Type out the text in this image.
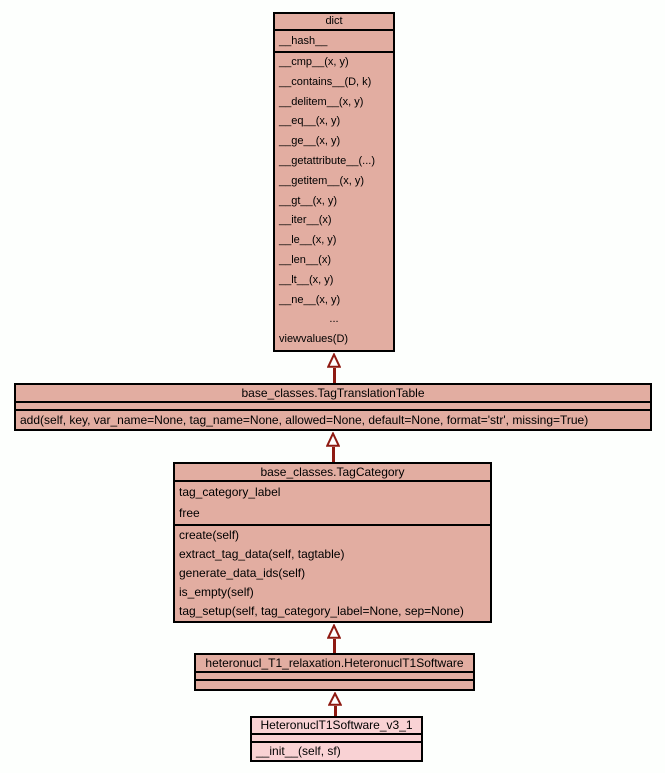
dict
__hash__
__cmp__(x, y)
__contains__(D, k)
__delitem__(x, y)
__eq__(x, y)
__ge__(x, y)
__getattribute__(...)
__getitem__(x, y)
__gt__(x, y)
__iter__(x)
__le__(x, y)
__len__(x)
__lt__(x, y)
__ne__(x, y)
...
viewvalues(D)
base_classes.TagTranslationTable
add(self, key, var_name=None, tag_name=None, allowed=None, default=None, format='str', missing=True)
base_classes.TagCategory
tag_category_label
free
create(self)
extract_tag_data(self, tagtable)
generate_data_ids(self)
is_empty(self)
tag_setup(self, tag_category_label=None, sep=None)
heteronucl_T1_relaxation.HeteronuclT1Software
HeteronuclT1Software_v3_1
__init__(self, sf)
